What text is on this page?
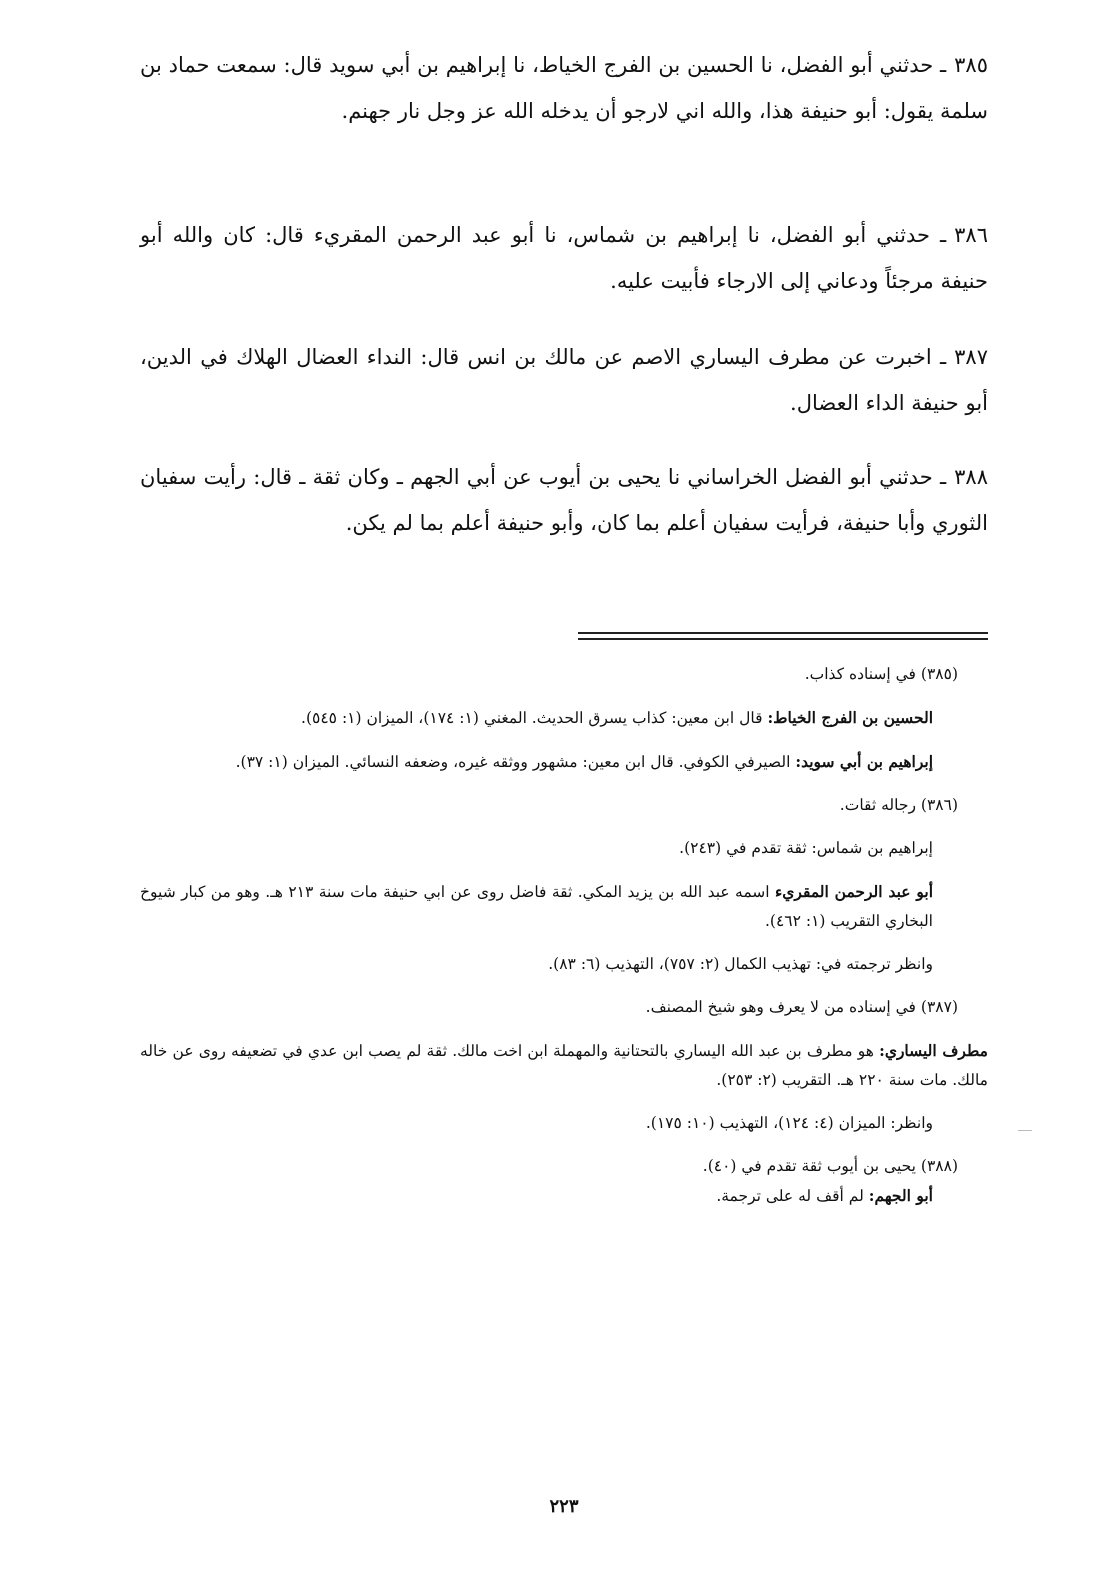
٣٨٥ـ حدثني أبو الفضل، نا الحسين بن الفرج الخياط، نا إبراهيم بن أبي سويد قال: سمعت حماد بن سلمة يقول: أبو حنيفة هذا، والله اني لارجو أن يدخله الله عز وجل نار جهنم.

٣٨٦ـ حدثني أبو الفضل، نا إبراهيم بن شماس، نا أبو عبد الرحمن المقريء قال: كان والله أبو حنيفة مرجئاً ودعاني إلى الارجاء فأبيت عليه.

٣٨٧ـ اخبرت عن مطرف اليساري الاصم عن مالك بن انس قال: النداء العضال الهلاك في الدين، أبو حنيفة الداء العضال.

٣٨٨ـ حدثني أبو الفضل الخراساني نا يحيى بن أيوب عن أبي الجهم ـ وكان ثقة ـ قال: رأيت سفيان الثوري وأبا حنيفة، فرأيت سفيان أعلم بما كان، وأبو حنيفة أعلم بما لم يكن.

(٣٨٥) في إسناده كذاب.

الحسين بن الفرج الخياط: قال ابن معين: كذاب يسرق الحديث. المغني (١: ١٧٤)، الميزان (١: ٥٤٥).

إبراهيم بن أبي سويد: الصيرفي الكوفي. قال ابن معين: مشهور ووثقه غيره، وضعفه النسائي. الميزان (١: ٣٧).

(٣٨٦) رجاله ثقات.

إبراهيم بن شماس: ثقة تقدم في (٢٤٣).

أبو عبد الرحمن المقريء اسمه عبد الله بن يزيد المكي. ثقة فاضل روى عن ابي حنيفة مات سنة ٢١٣ هـ. وهو من كبار شيوخ البخاري التقريب (١: ٤٦٢).

وانظر ترجمته في: تهذيب الكمال (٢: ٧٥٧)، التهذيب (٦: ٨٣).

(٣٨٧) في إسناده من لا يعرف وهو شيخ المصنف.

مطرف اليساري: هو مطرف بن عبد الله اليساري بالتحتانية والمهملة ابن اخت مالك. ثقة لم يصب ابن عدي في تضعيفه روى عن خاله مالك. مات سنة ٢٢٠ هـ. التقريب (٢: ٢٥٣).

وانظر: الميزان (٤: ١٢٤)، التهذيب (١٠: ١٧٥).

(٣٨٨) يحيى بن أيوب ثقة تقدم في (٤٠).

أبو الجهم: لم أقف له على ترجمة.

٢٢٣
